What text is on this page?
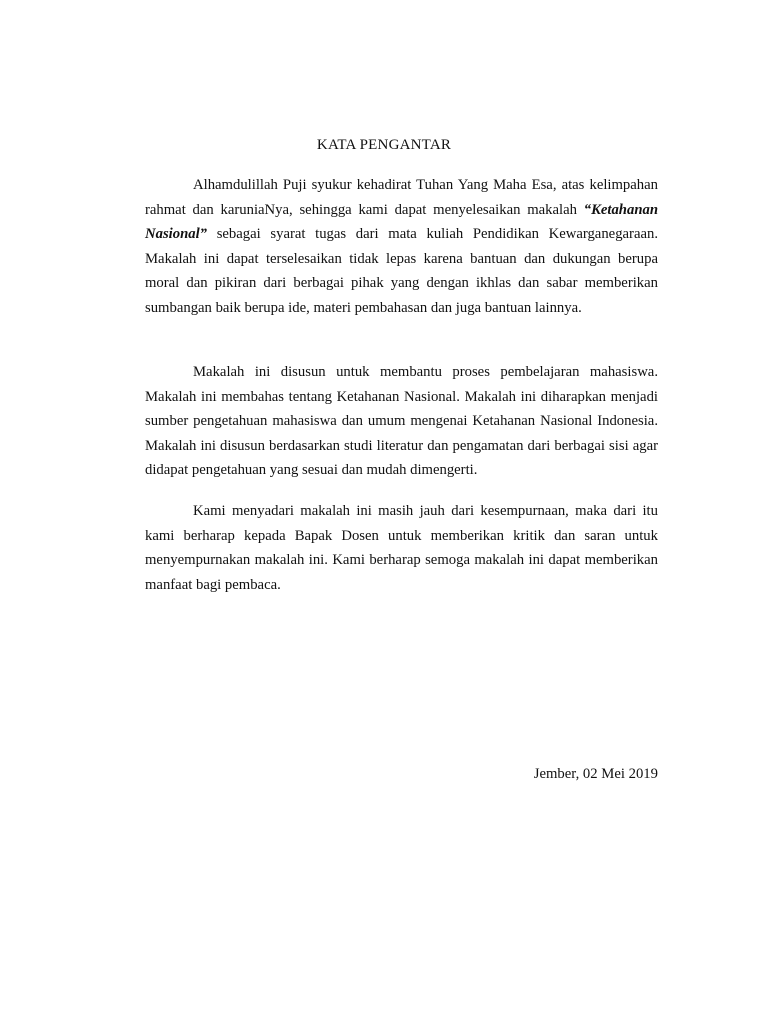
KATA PENGANTAR

Alhamdulillah Puji syukur kehadirat Tuhan Yang Maha Esa, atas kelimpahan rahmat dan karuniaNya, sehingga kami dapat menyelesaikan makalah “Ketahanan Nasional” sebagai syarat tugas dari mata kuliah Pendidikan Kewarganegaraan. Makalah ini dapat terselesaikan tidak lepas karena bantuan dan dukungan berupa moral dan pikiran dari berbagai pihak yang dengan ikhlas dan sabar memberikan sumbangan baik berupa ide, materi pembahasan dan juga bantuan lainnya.

Makalah ini disusun untuk membantu proses pembelajaran mahasiswa. Makalah ini membahas tentang Ketahanan Nasional. Makalah ini diharapkan menjadi sumber pengetahuan mahasiswa dan umum mengenai Ketahanan Nasional Indonesia. Makalah ini disusun berdasarkan studi literatur dan pengamatan dari berbagai sisi agar didapat pengetahuan yang sesuai dan mudah dimengerti.

Kami menyadari makalah ini masih jauh dari kesempurnaan, maka dari itu kami berharap kepada Bapak Dosen untuk memberikan kritik dan saran untuk menyempurnakan makalah ini. Kami berharap semoga makalah ini dapat memberikan manfaat bagi pembaca.

Jember, 02 Mei 2019
